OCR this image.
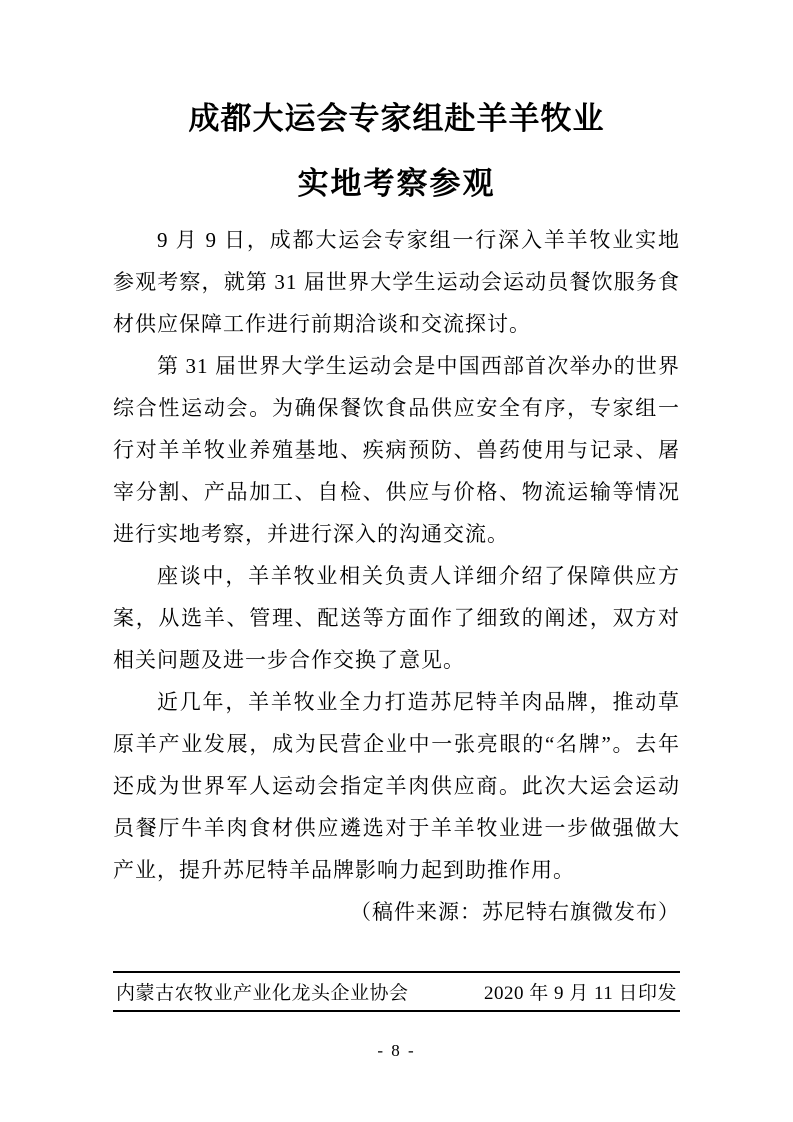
成都大运会专家组赴羊羊牧业
实地考察参观

9 月 9 日，成都大运会专家组一行深入羊羊牧业实地参观考察，就第 31 届世界大学生运动会运动员餐饮服务食材供应保障工作进行前期洽谈和交流探讨。

第 31 届世界大学生运动会是中国西部首次举办的世界综合性运动会。为确保餐饮食品供应安全有序，专家组一行对羊羊牧业养殖基地、疾病预防、兽药使用与记录、屠宰分割、产品加工、自检、供应与价格、物流运输等情况进行实地考察，并进行深入的沟通交流。

座谈中，羊羊牧业相关负责人详细介绍了保障供应方案，从选羊、管理、配送等方面作了细致的阐述，双方对相关问题及进一步合作交换了意见。

近几年，羊羊牧业全力打造苏尼特羊肉品牌，推动草原羊产业发展，成为民营企业中一张亮眼的“名牌”。去年还成为世界军人运动会指定羊肉供应商。此次大运会运动员餐厅牛羊肉食材供应遴选对于羊羊牧业进一步做强做大产业，提升苏尼特羊品牌影响力起到助推作用。

（稿件来源：苏尼特右旗微发布）

内蒙古农牧业产业化龙头企业协会	2020 年 9 月 11 日印发
- 8 -
